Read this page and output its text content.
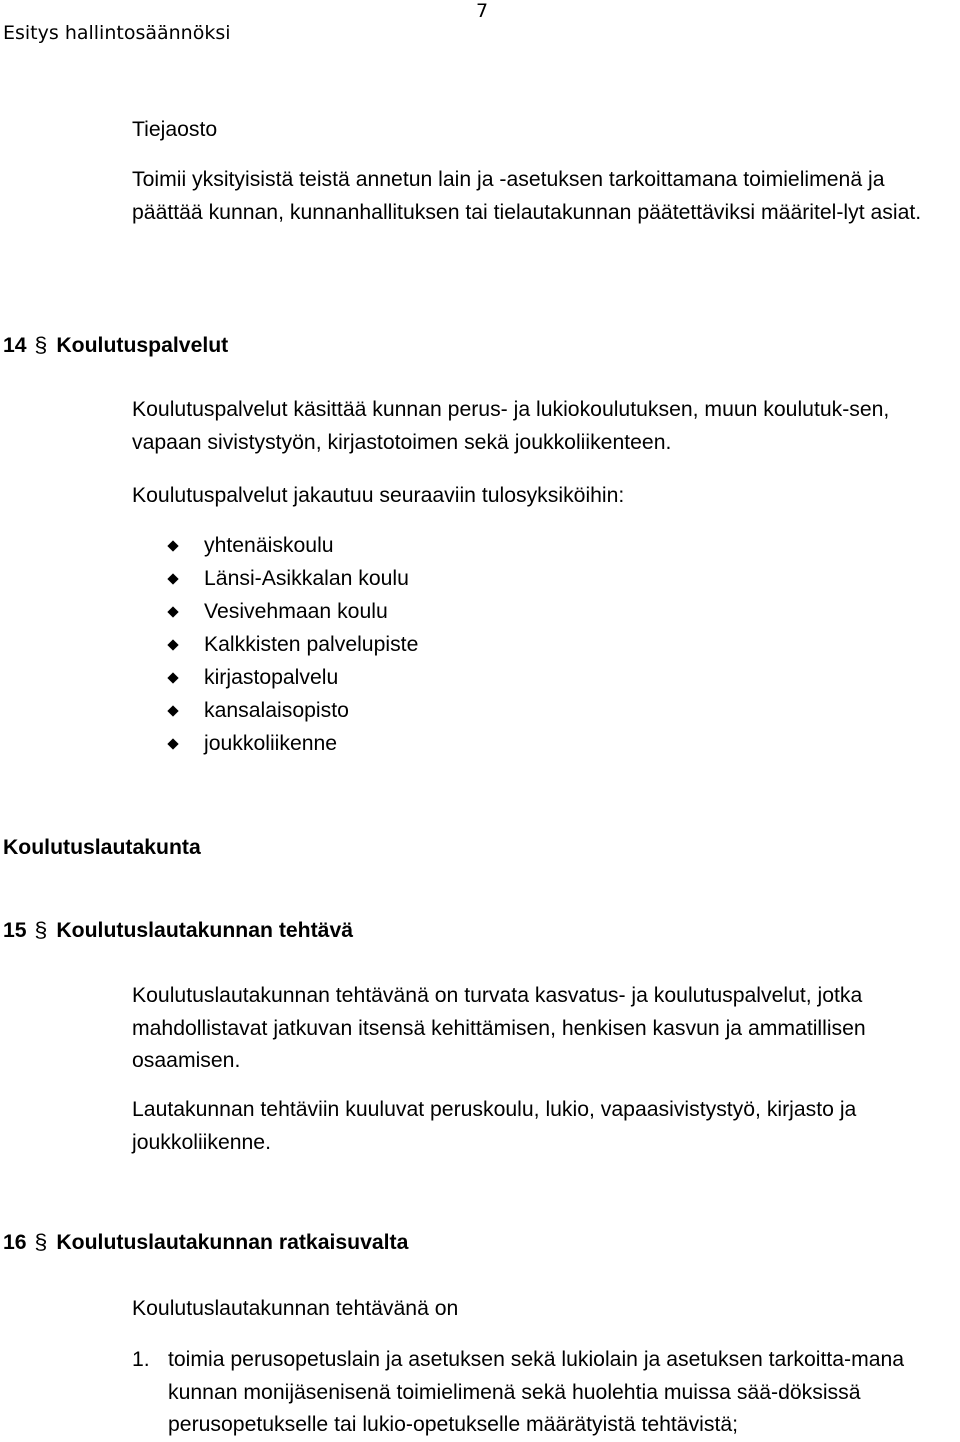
Esitys hallintosäännöksi
7
Tiejaosto
Toimii yksityisistä teistä annetun lain ja -asetuksen tarkoittamana toimielimenä ja päättää kunnan, kunnanhallituksen tai tielautakunnan päätettäviksi määritel-lyt asiat.
14 § Koulutuspalvelut
Koulutuspalvelut käsittää kunnan perus- ja lukiokoulutuksen, muun koulutuk-sen, vapaan sivistystyön, kirjastotoimen sekä joukkoliikenteen.
Koulutuspalvelut jakautuu seuraaviin tulosyksiköihin:
yhtenäiskoulu
Länsi-Asikkalan koulu
Vesivehmaan koulu
Kalkkisten palvelupiste
kirjastopalvelu
kansalaisopisto
joukkoliikenne
Koulutuslautakunta
15 § Koulutuslautakunnan tehtävä
Koulutuslautakunnan tehtävänä on turvata kasvatus- ja koulutuspalvelut, jotka mahdollistavat jatkuvan itsensä kehittämisen, henkisen kasvun ja ammatillisen osaamisen.
Lautakunnan tehtäviin kuuluvat peruskoulu, lukio, vapaasivistystyö, kirjasto ja joukkoliikenne.
16 § Koulutuslautakunnan ratkaisuvalta
Koulutuslautakunnan tehtävänä on
1. toimia perusopetuslain ja asetuksen sekä lukiolain ja asetuksen tarkoitta-mana kunnan monijäsenisenä toimielimenä sekä huolehtia muissa sää-döksissä perusopetukselle tai lukio-opetukselle määrätyistä tehtävistä;
